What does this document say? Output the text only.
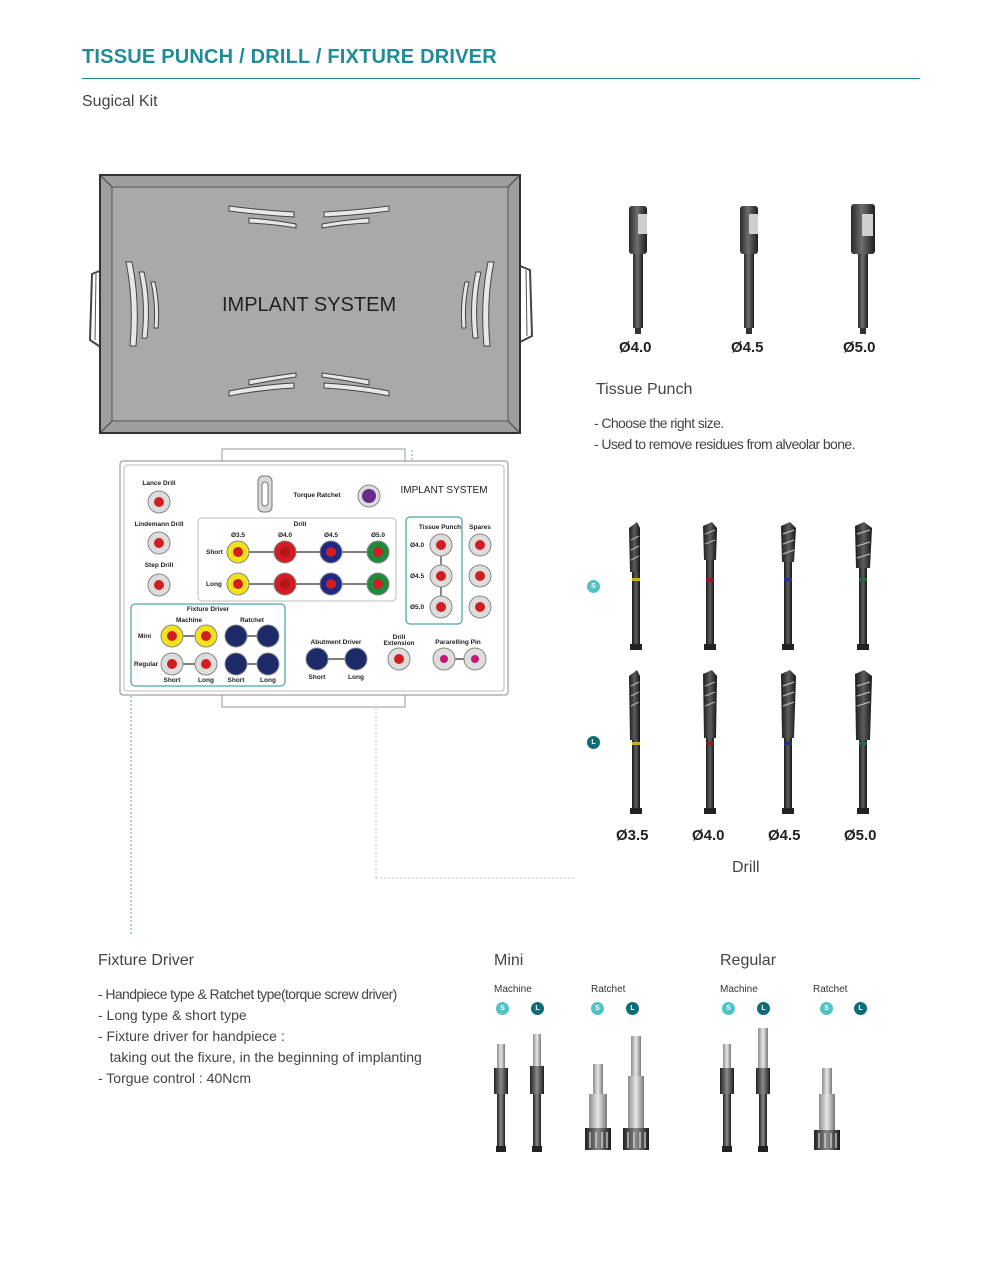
TISSUE PUNCH / DRILL / FIXTURE DRIVER
Sugical Kit
IMPLANT SYSTEM
Lance Drill
Lindemann Drill
Step Drill
Torque Ratchet
Drill
Ø3.5	Ø4.0	Ø4.5	Ø5.0
Short
Long
Tissue Punch Spares
Ø4.0
Ø4.5
Ø5.0
Fixture Driver
Machine	Ratchet
Mini
Regular
Short	Long Short Long
Abutment Driver
Short	Long
Drill
Extension	Pararelling Pin
IMPLANT SYSTEM
Ø4.0	Ø4.5	Ø5.0
Tissue Punch
- Choose the right size.
- Used to remove residues from alveolar bone.
S
L
Ø3.5	Ø4.0	Ø4.5	Ø5.0
Drill
Fixture Driver
- Handpiece type & Ratchet type(torque screw driver)
- Long type & short type
- Fixture driver for handpiece :
taking out the fixure, in the beginning of implanting
- Torgue control : 40Ncm
Mini
Machine	Ratchet
S	L	S	L
Regular
Machine	Ratchet
S	L	S	L
